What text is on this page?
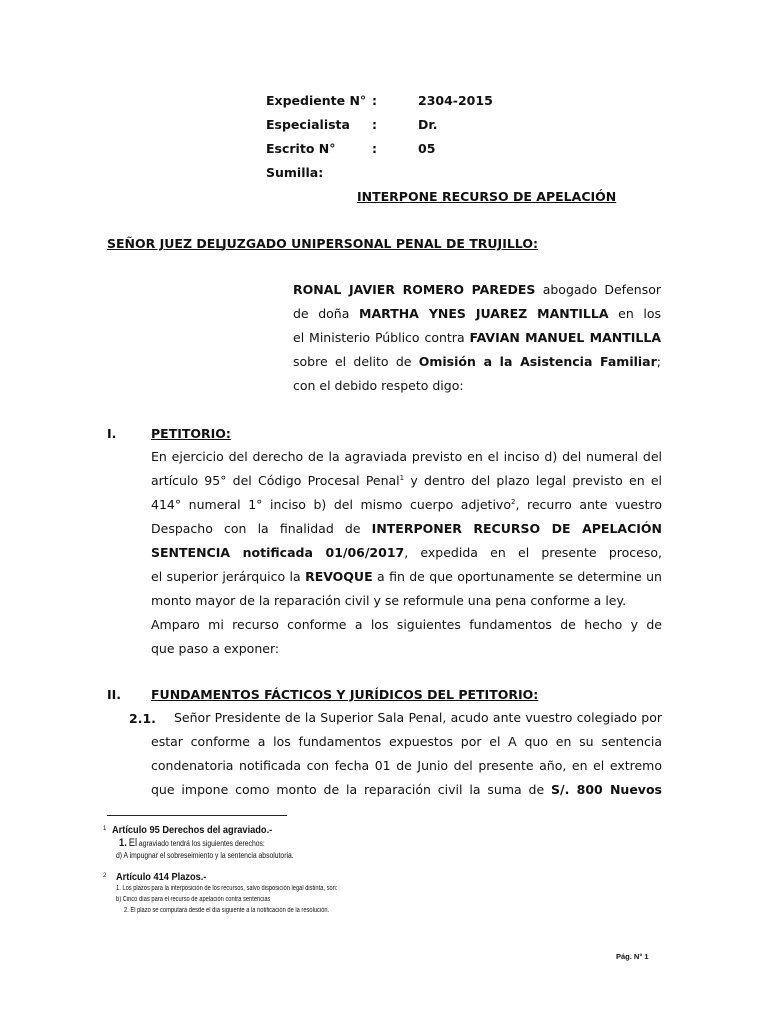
Expediente N° :	2304-2015
Especialista :	Dr.
Escrito N°	:	05
Sumilla:
INTERPONE RECURSO DE APELACIÓN
SEÑOR JUEZ DEL
JUZGADO UNIPERSONAL PENAL DE TRUJILLO:
RONAL JAVIER ROMERO PAREDES abogado Defensor
de doña MARTHA YNES JUAREZ MANTILLA en los
el Ministerio Público contra FAVIAN MANUEL MANTILLA
sobre el delito de Omisión a la Asistencia Familiar;
con el debido respeto digo:
I.	PETITORIO:
En ejercicio del derecho de la agraviada previsto en el inciso d) del numeral del
artículo 95° del Código Procesal Penal$^1$ y dentro del plazo legal previsto en el
414° numeral 1° inciso b) del mismo cuerpo adjetivo$^2$, recurro ante vuestro
Despacho con la finalidad de INTERPONER RECURSO DE APELACIÓN
SENTENCIA notificada 01/06/2017, expedida en el presente proceso,
el superior jerárquico la REVOQUE a fin de que oportunamente se determine un
monto mayor de la reparación civil y se reformule una pena conforme a ley.
Amparo mi recurso conforme a los siguientes fundamentos de hecho y de
que paso a exponer:
II. FUNDAMENTOS FÁCTICOS Y JURÍDICOS DEL PETITORIO:
2.1. Señor Presidente de la Superior Sala Penal, acudo ante vuestro colegiado por
estar conforme a los fundamentos expuestos por el A quo en su sentencia
condenatoria notificada con fecha 01 de Junio del presente año, en el extremo
que impone como monto de la reparación civil la suma de S/. 800 Nuevos
1 Artículo 95 Derechos del agraviado.-
1. El agraviado tendrá los siguientes derechos:
d) A impugnar el sobreseimiento y la sentencia absolutoria.
2 Artículo 414 Plazos.-
1. Los plazos para la interposición de los recursos, salvo disposición legal distinta, son:
b) Cinco días para el recurso de apelación contra sentencias
2. El plazo se computará desde el día siguiente a la notificación de la resolución.
Pág. N° 1
